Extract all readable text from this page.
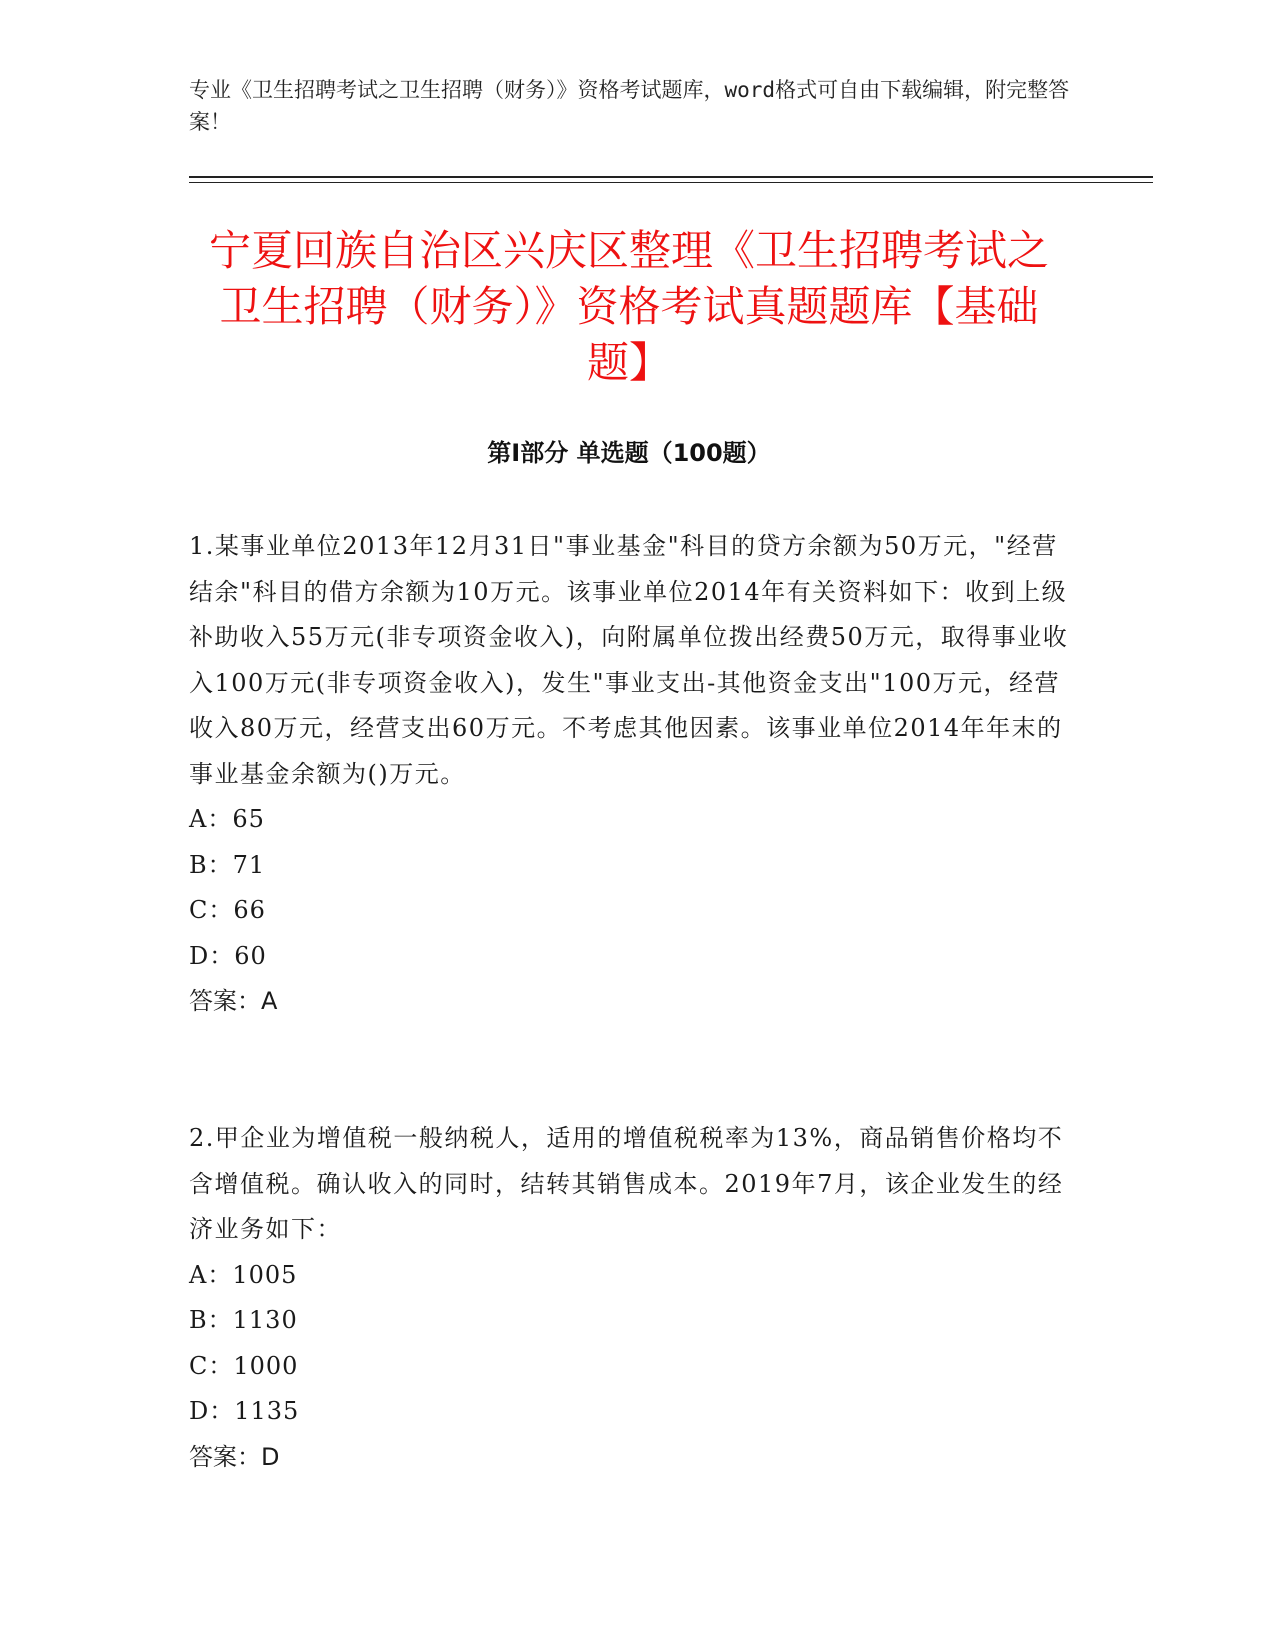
专业《卫生招聘考试之卫生招聘（财务）》资格考试题库，word格式可自由下载编辑，附完整答案！
宁夏回族自治区兴庆区整理《卫生招聘考试之卫生招聘（财务）》资格考试真题题库【基础题】
第Ⅰ部分 单选题（100题）

1.某事业单位2013年12月31日"事业基金"科目的贷方余额为50万元，"经营结余"科目的借方余额为10万元。该事业单位2014年有关资料如下：收到上级补助收入55万元(非专项资金收入)，向附属单位拨出经费50万元，取得事业收入100万元(非专项资金收入)，发生"事业支出-其他资金支出"100万元，经营收入80万元，经营支出60万元。不考虑其他因素。该事业单位2014年年末的事业基金余额为()万元。

A：65

B：71

C：66

D：60

答案：A

2.甲企业为增值税一般纳税人，适用的增值税税率为13%，商品销售价格均不含增值税。确认收入的同时，结转其销售成本。2019年7月，该企业发生的经济业务如下：

A：1005

B：1130

C：1000

D：1135

答案：D
